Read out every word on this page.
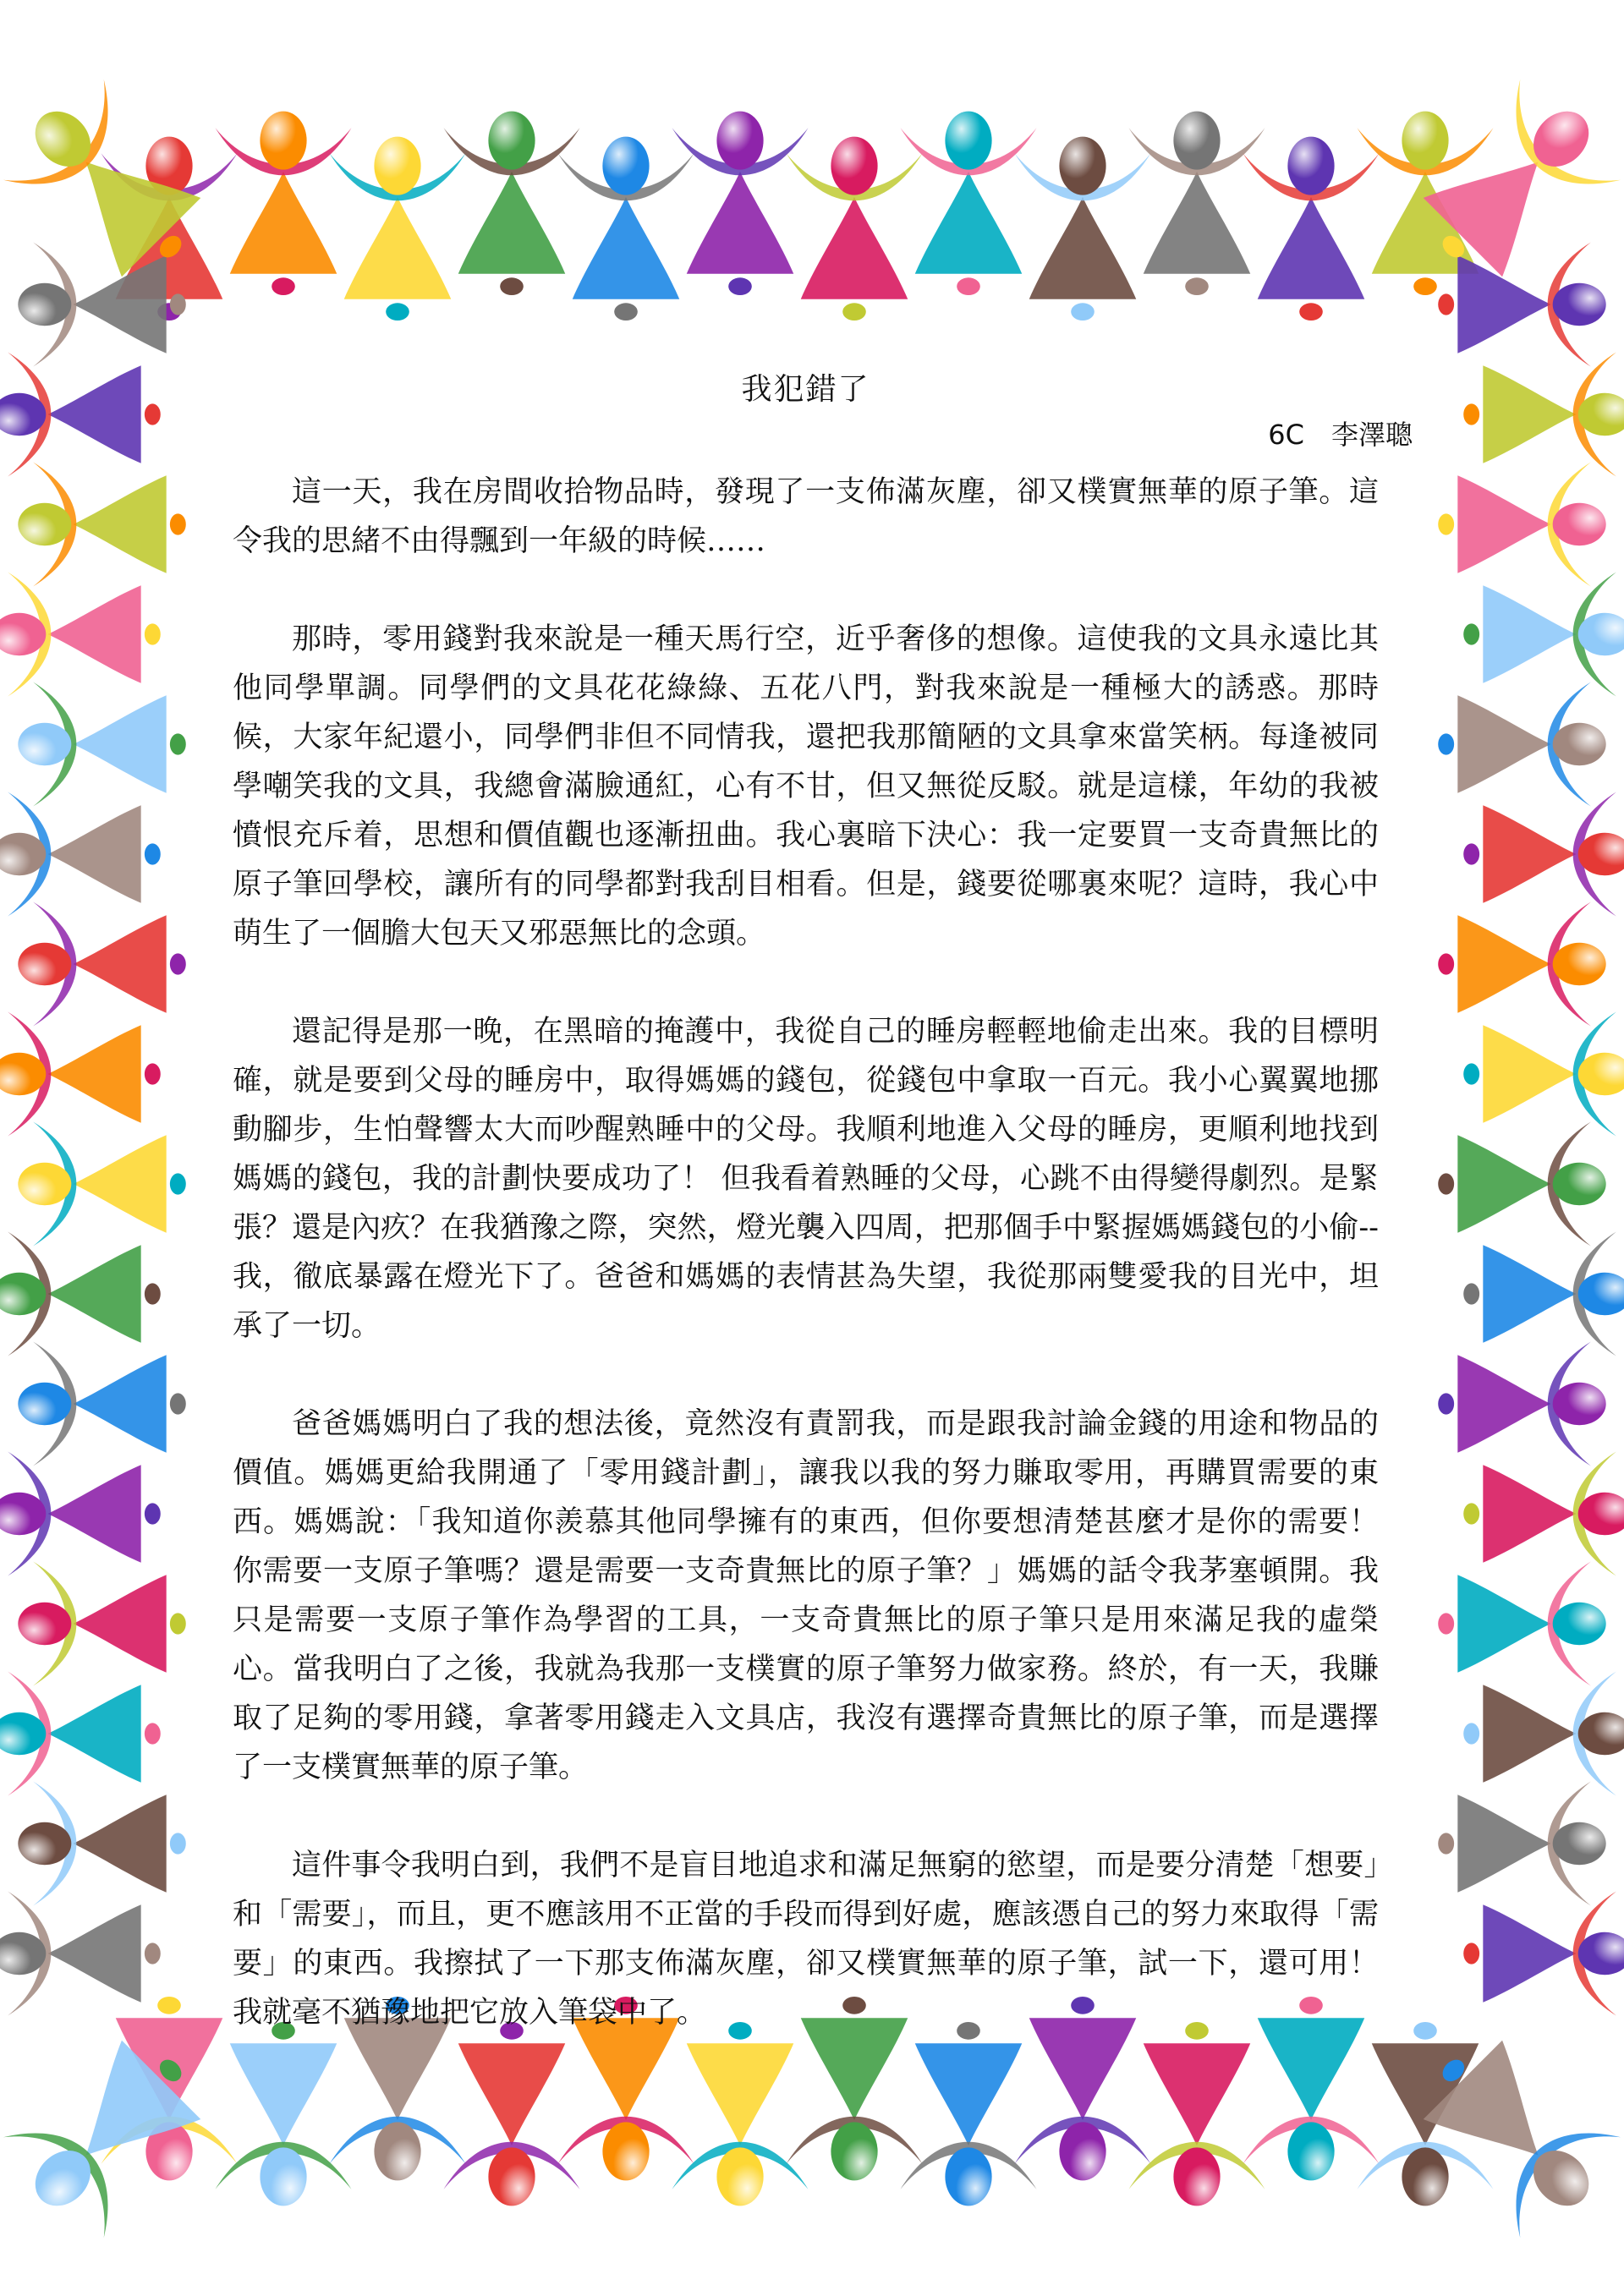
我犯錯了
6C　李澤聰

這一天，我在房間收拾物品時，發現了一支佈滿灰塵，卻又樸實無華的原子筆。這令我的思緒不由得飄到一年級的時候……

那時，零用錢對我來說是一種天馬行空，近乎奢侈的想像。這使我的文具永遠比其他同學單調。同學們的文具花花綠綠、五花八門，對我來說是一種極大的誘惑。那時候，大家年紀還小，同學們非但不同情我，還把我那簡陋的文具拿來當笑柄。每逢被同學嘲笑我的文具，我總會滿臉通紅，心有不甘，但又無從反駁。就是這樣，年幼的我被憤恨充斥着，思想和價值觀也逐漸扭曲。我心裏暗下決心：我一定要買一支奇貴無比的原子筆回學校，讓所有的同學都對我刮目相看。但是，錢要從哪裏來呢？這時，我心中萌生了一個膽大包天又邪惡無比的念頭。

還記得是那一晚，在黑暗的掩護中，我從自己的睡房輕輕地偷走出來。我的目標明確，就是要到父母的睡房中，取得媽媽的錢包，從錢包中拿取一百元。我小心翼翼地挪動腳步，生怕聲響太大而吵醒熟睡中的父母。我順利地進入父母的睡房，更順利地找到媽媽的錢包，我的計劃快要成功了！ 但我看着熟睡的父母，心跳不由得變得劇烈。是緊張？還是內疚？在我猶豫之際，突然，燈光襲入四周，把那個手中緊握媽媽錢包的小偷--我，徹底暴露在燈光下了。爸爸和媽媽的表情甚為失望，我從那兩雙愛我的目光中，坦承了一切。

爸爸媽媽明白了我的想法後，竟然沒有責罰我，而是跟我討論金錢的用途和物品的價值。媽媽更給我開通了「零用錢計劃」，讓我以我的努力賺取零用，再購買需要的東西。媽媽說：「我知道你羨慕其他同學擁有的東西，但你要想清楚甚麼才是你的需要！ 你需要一支原子筆嗎？還是需要一支奇貴無比的原子筆？」媽媽的話令我茅塞頓開。我只是需要一支原子筆作為學習的工具，一支奇貴無比的原子筆只是用來滿足我的虛榮心。當我明白了之後，我就為我那一支樸實的原子筆努力做家務。終於，有一天，我賺取了足夠的零用錢，拿著零用錢走入文具店，我沒有選擇奇貴無比的原子筆，而是選擇了一支樸實無華的原子筆。

這件事令我明白到，我們不是盲目地追求和滿足無窮的慾望，而是要分清楚「想要」和「需要」，而且，更不應該用不正當的手段而得到好處，應該憑自己的努力來取得「需要」的東西。我擦拭了一下那支佈滿灰塵，卻又樸實無華的原子筆，試一下，還可用！ 我就毫不猶豫地把它放入筆袋中了。
